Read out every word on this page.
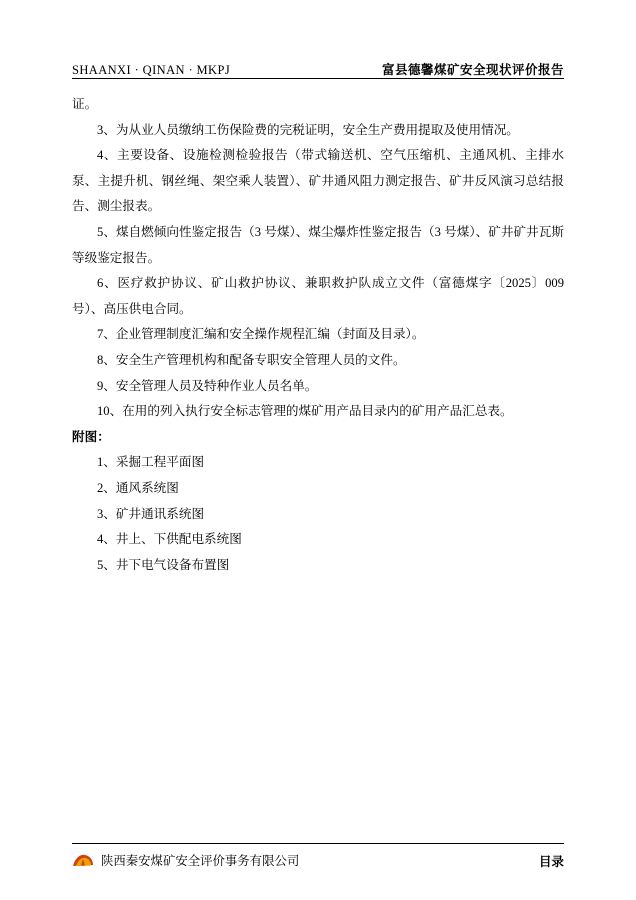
SHAANXI · QINAN · MKPJ	富县德馨煤矿安全现状评价报告

证。

3、为从业人员缴纳工伤保险费的完税证明，安全生产费用提取及使用情况。

4、主要设备、设施检测检验报告（带式输送机、空气压缩机、主通风机、主排水泵、主提升机、钢丝绳、架空乘人装置）、矿井通风阻力测定报告、矿井反风演习总结报告、测尘报表。

5、煤自燃倾向性鉴定报告（3 号煤）、煤尘爆炸性鉴定报告（3 号煤）、矿井矿井瓦斯等级鉴定报告。

6、医疗救护协议、矿山救护协议、兼职救护队成立文件（富德煤字〔2025〕009 号）、高压供电合同。

7、企业管理制度汇编和安全操作规程汇编（封面及目录）。

8、安全生产管理机构和配备专职安全管理人员的文件。

9、安全管理人员及特种作业人员名单。

10、在用的列入执行安全标志管理的煤矿用产品目录内的矿用产品汇总表。

附图：

1、采掘工程平面图

2、通风系统图

3、矿井通讯系统图

4、井上、下供配电系统图

5、井下电气设备布置图

陕西秦安煤矿安全评价事务有限公司	目录
